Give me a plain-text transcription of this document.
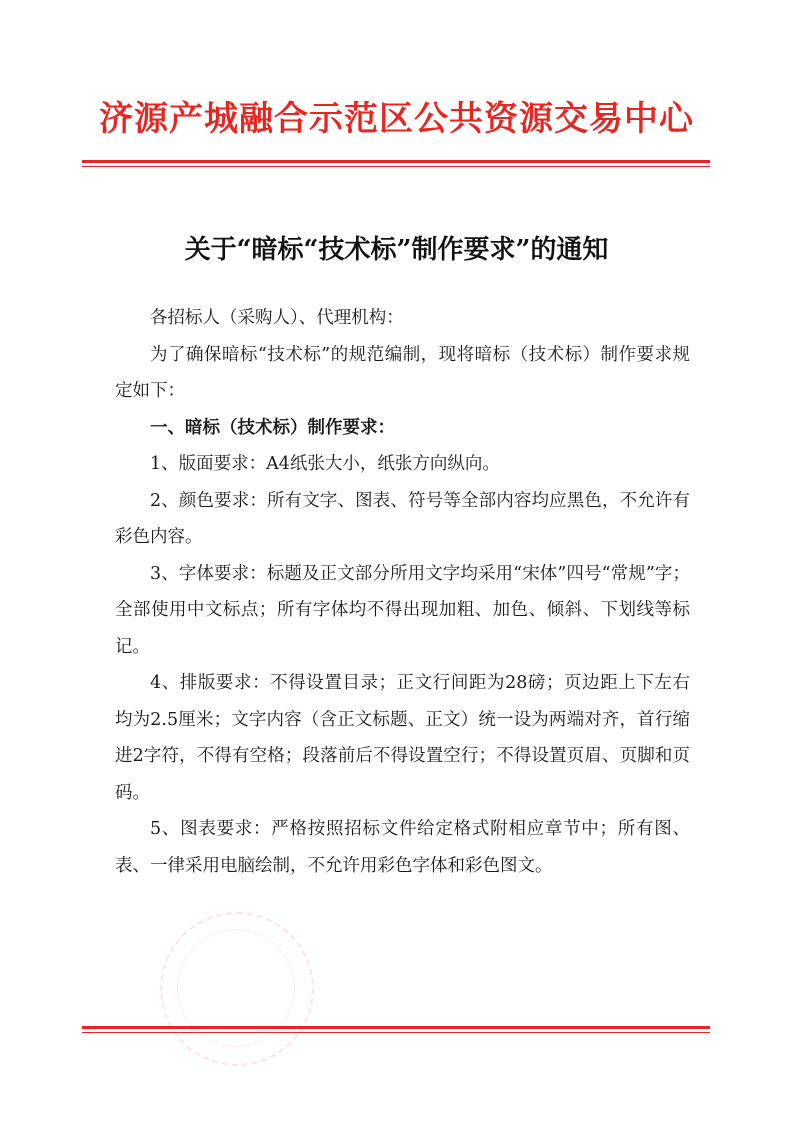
济源产城融合示范区公共资源交易中心
关于“暗标“技术标”制作要求”的通知

各招标人（采购人）、代理机构：

为了确保暗标“技术标”的规范编制，现将暗标（技术标）制作要求规定如下：

一、暗标（技术标）制作要求：

1、版面要求：A4纸张大小，纸张方向纵向。

2、颜色要求：所有文字、图表、符号等全部内容均应黑色，不允许有彩色内容。

3、字体要求：标题及正文部分所用文字均采用“宋体”四号“常规”字；全部使用中文标点；所有字体均不得出现加粗、加色、倾斜、下划线等标记。

4、排版要求：不得设置目录；正文行间距为28磅；页边距上下左右均为2.5厘米；文字内容（含正文标题、正文）统一设为两端对齐，首行缩进2字符，不得有空格；段落前后不得设置空行；不得设置页眉、页脚和页码。

5、图表要求：严格按照招标文件给定格式附相应章节中；所有图、表、一律采用电脑绘制，不允许用彩色字体和彩色图文。
